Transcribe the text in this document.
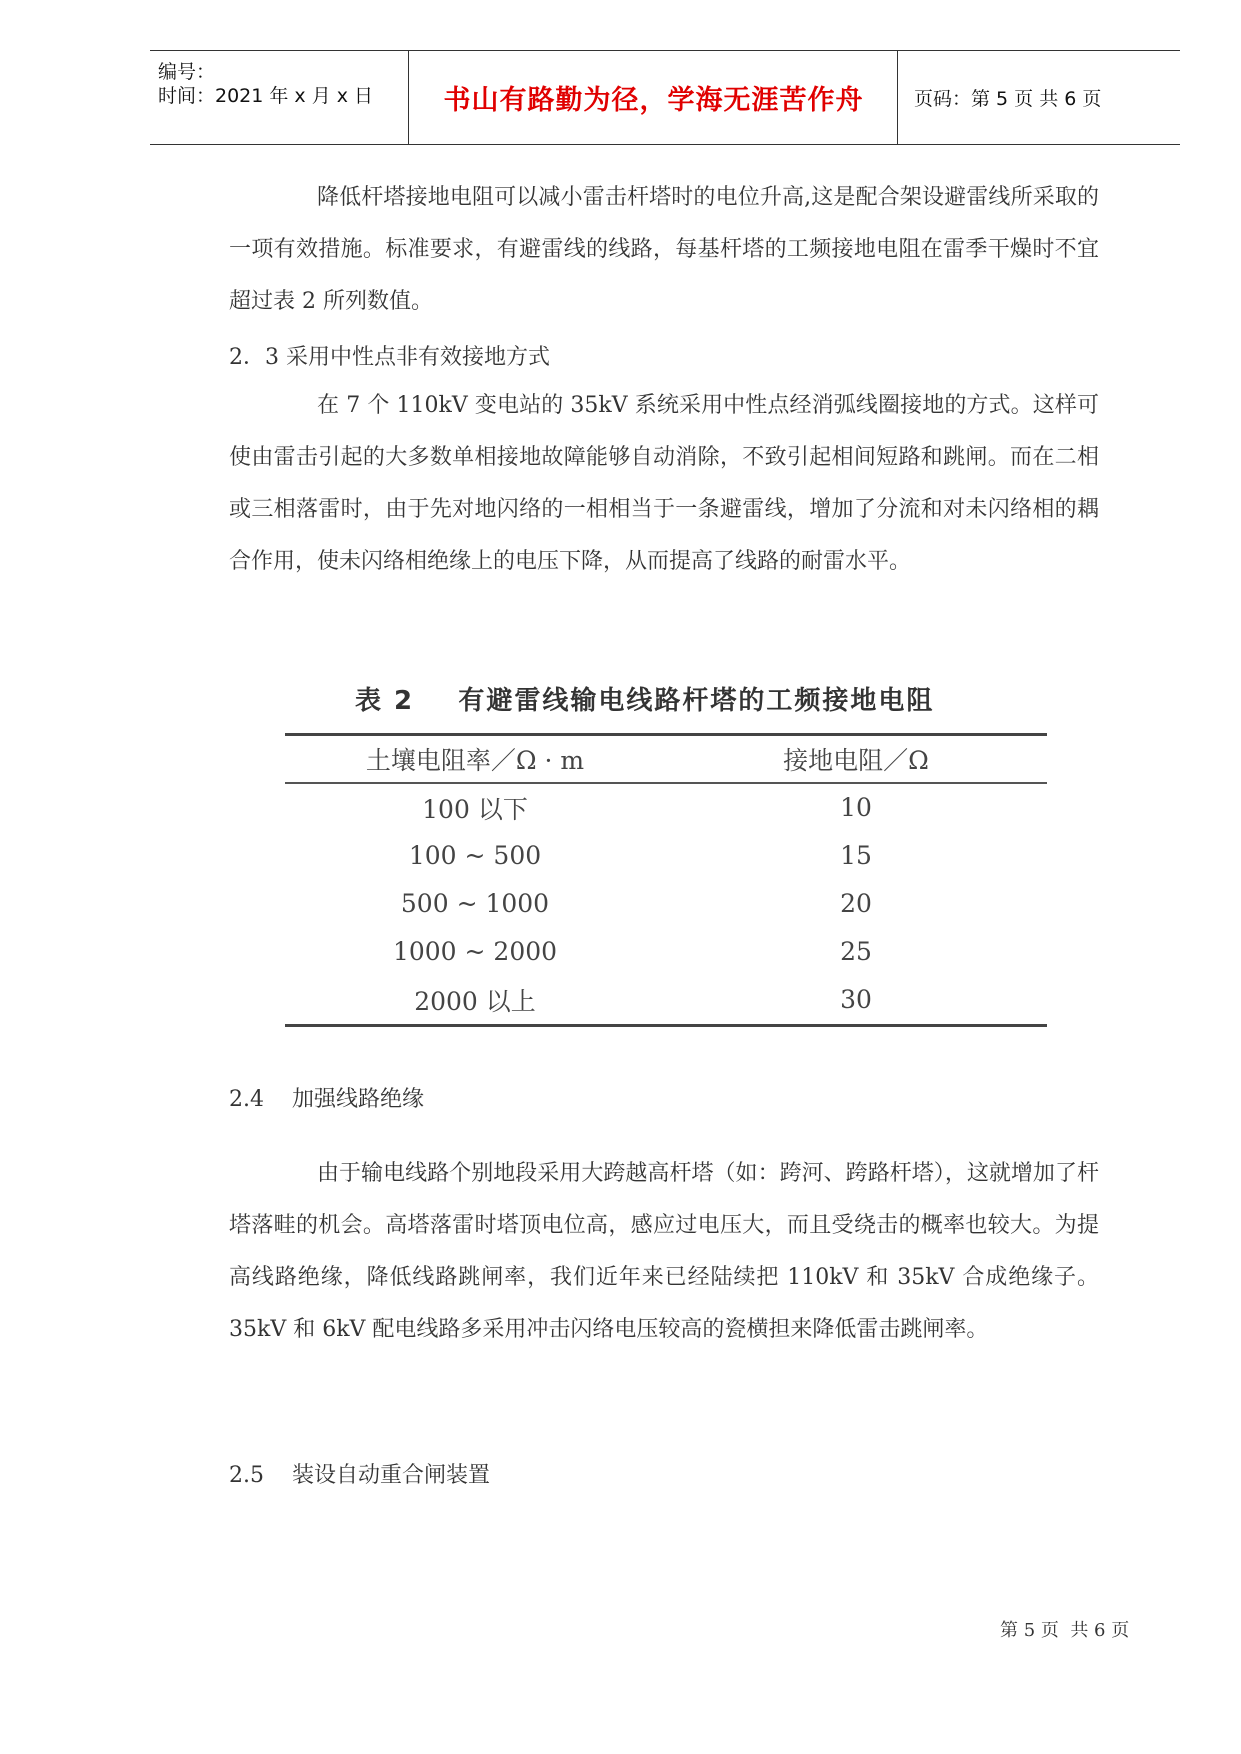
编号：
时间：2021 年 x 月 x 日	书山有路勤为径，学海无涯苦作舟	页码：第 5 页 共 6 页

降低杆塔接地电阻可以减小雷击杆塔时的电位升高,这是配合架设避雷线所采取的一项有效措施。标准要求，有避雷线的线路，每基杆塔的工频接地电阻在雷季干燥时不宜超过表 2 所列数值。

2．3 采用中性点非有效接地方式

在 7 个 110kV 变电站的 35kV 系统采用中性点经消弧线圈接地的方式。这样可使由雷击引起的大多数单相接地故障能够自动消除，不致引起相间短路和跳闸。而在二相或三相落雷时，由于先对地闪络的一相相当于一条避雷线，增加了分流和对未闪络相的耦合作用，使未闪络相绝缘上的电压下降，从而提高了线路的耐雷水平。

表 2    有避雷线输电线路杆塔的工频接地电阻
土壤电阻率／Ω · m	接地电阻／Ω
100 以下	10
100 ~ 500	15
500 ~ 1000	20
1000 ~ 2000	25
2000 以上	30

2.4    加强线路绝缘

由于输电线路个别地段采用大跨越高杆塔（如：跨河、跨路杆塔），这就增加了杆塔落畦的机会。高塔落雷时塔顶电位高，感应过电压大，而且受绕击的概率也较大。为提高线路绝缘，降低线路跳闸率，我们近年来已经陆续把 110kV 和 35kV 合成绝缘子。35kV 和 6kV 配电线路多采用冲击闪络电压较高的瓷横担来降低雷击跳闸率。

2.5    装设自动重合闸装置

第 5 页  共 6 页
